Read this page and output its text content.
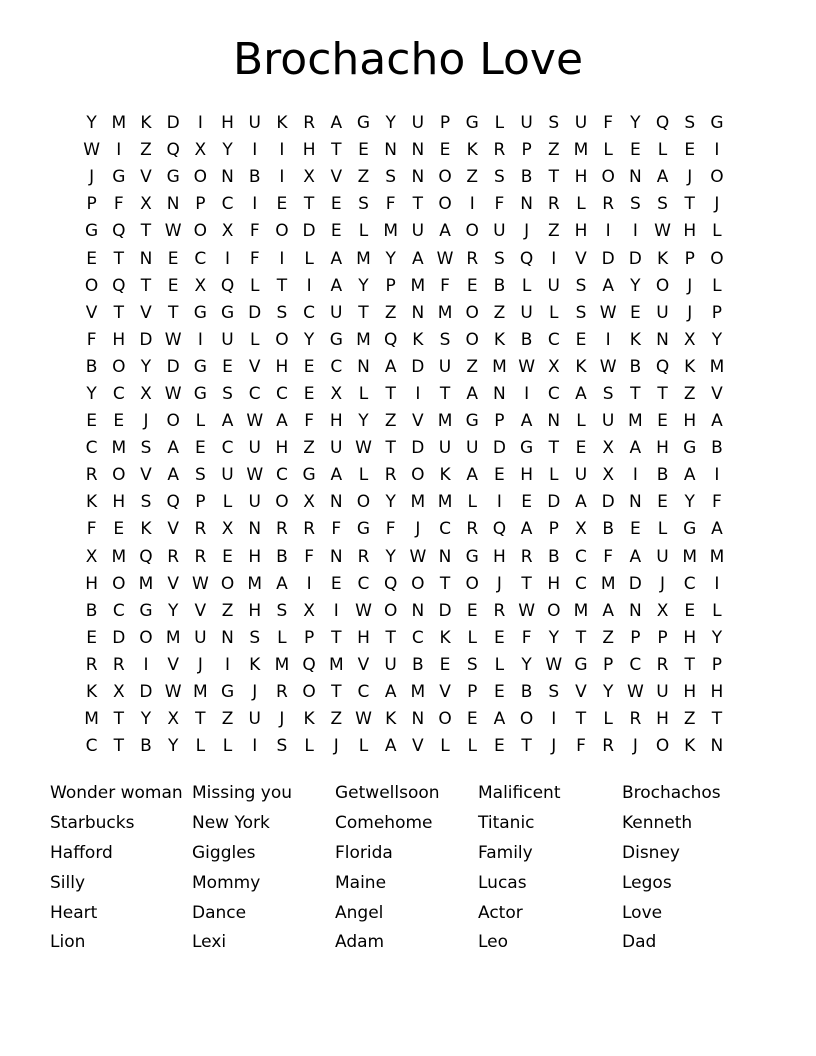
Brochacho Love
Y M K D	I	H U K R A G Y U P G L U S U F	Y Q S G
W I	Z Q X Y	I	I	H T E N N E K R P Z M L	E	L	E	I
J	G V G O N B	I	X V Z S N O Z S B T H O N A	J	O
P	F X N P C	I	E T E S F	T O	I	F N R L R S S T	J
G Q T W O X F O D E	L M U A O U	J	Z H	I	I W H L
E T N E C	I	F	I	L A M Y A W R S Q	I	V D D K P O
O Q T E X Q L	T	I	A Y P M F E B L U S A Y O	J	L
V T V T G G D S C U T Z N M O Z U L	S W E U	J	P
F H D W I	U L O Y G M Q K S O K B C E	I	K N X Y
B O Y D G E V H E C N A D U Z M W X K W B Q K M
Y C X W G S C C E X L	T	I	T A N	I	C A S T T Z V
E E	J	O L A W A F H Y Z V M G P A N L U M E H A
C M S A E C U H Z U W T D U U D G T E X A H G B
R O V A S U W C G A L R O K A E H L U X	I	B A	I
K H S Q P	L U O X N O Y M M L	I	E D A D N E Y	F
F E K V R X N R R F G F	J	C R Q A P X B E	L G A
X M Q R R E H B F N R Y W N G H R B C F A U M M
H O M V W O M A	I	E C Q O T O	J	T H C M D	J	C	I
B C G Y V Z H S X	I W O N D E R W O M A N X E	L
E D O M U N S	L	P T H T C K L	E F	Y T Z P P H Y
R R	I	V	J	I	K M Q M V U B E S	L	Y W G P C R T P
K X D W M G	J	R O T C A M V P E B S V Y W U H H
M T Y X T Z U	J	K Z W K N O E A O	I	T	L R H Z T
C T B Y	L	L	I	S	L	J	L A V L	L	E T	J	F R	J	O K N
Wonder woman
Starbucks
Hafford
Silly
Heart
Lion
Missing you
New York
Giggles
Mommy
Dance
Lexi
Getwellsoon
Comehome
Florida
Maine
Angel
Adam
Malificent
Titanic
Family
Lucas
Actor
Leo
Brochachos
Kenneth
Disney
Legos
Love
Dad
